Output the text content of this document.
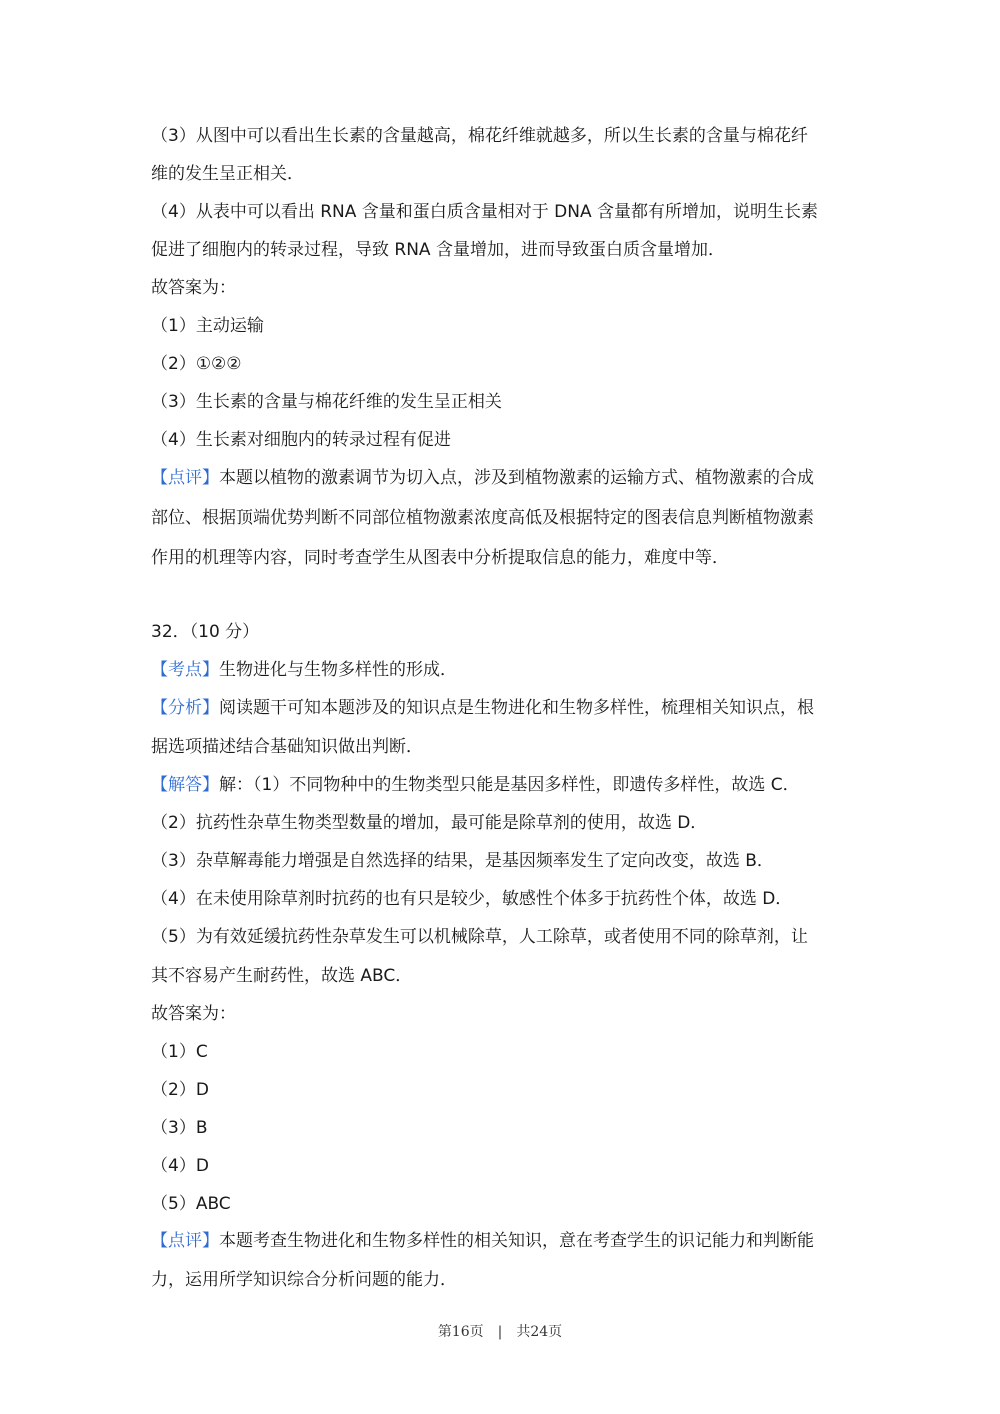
（3）从图中可以看出生长素的含量越高，棉花纤维就越多，所以生长素的含量与棉花纤
维的发生呈正相关．
（4）从表中可以看出 RNA 含量和蛋白质含量相对于 DNA 含量都有所增加，说明生长素
促进了细胞内的转录过程，导致 RNA 含量增加，进而导致蛋白质含量增加．
故答案为：
（1）主动运输
（2）①②②
（3）生长素的含量与棉花纤维的发生呈正相关
（4）生长素对细胞内的转录过程有促进
【点评】本题以植物的激素调节为切入点，涉及到植物激素的运输方式、植物激素的合成
部位、根据顶端优势判断不同部位植物激素浓度高低及根据特定的图表信息判断植物激素
作用的机理等内容，同时考查学生从图表中分析提取信息的能力，难度中等．
32．（10 分）
【考点】生物进化与生物多样性的形成．
【分析】阅读题干可知本题涉及的知识点是生物进化和生物多样性，梳理相关知识点，根
据选项描述结合基础知识做出判断．
【解答】解：（1）不同物种中的生物类型只能是基因多样性，即遗传多样性，故选 C．
（2）抗药性杂草生物类型数量的增加，最可能是除草剂的使用，故选 D．
（3）杂草解毒能力增强是自然选择的结果，是基因频率发生了定向改变，故选 B．
（4）在未使用除草剂时抗药的也有只是较少，敏感性个体多于抗药性个体，故选 D．
（5）为有效延缓抗药性杂草发生可以机械除草，人工除草，或者使用不同的除草剂，让
其不容易产生耐药性，故选 ABC．
故答案为：
（1）C
（2）D
（3）B
（4）D
（5）ABC
【点评】本题考查生物进化和生物多样性的相关知识，意在考查学生的识记能力和判断能
力，运用所学知识综合分析问题的能力．
第16页　|　共24页
